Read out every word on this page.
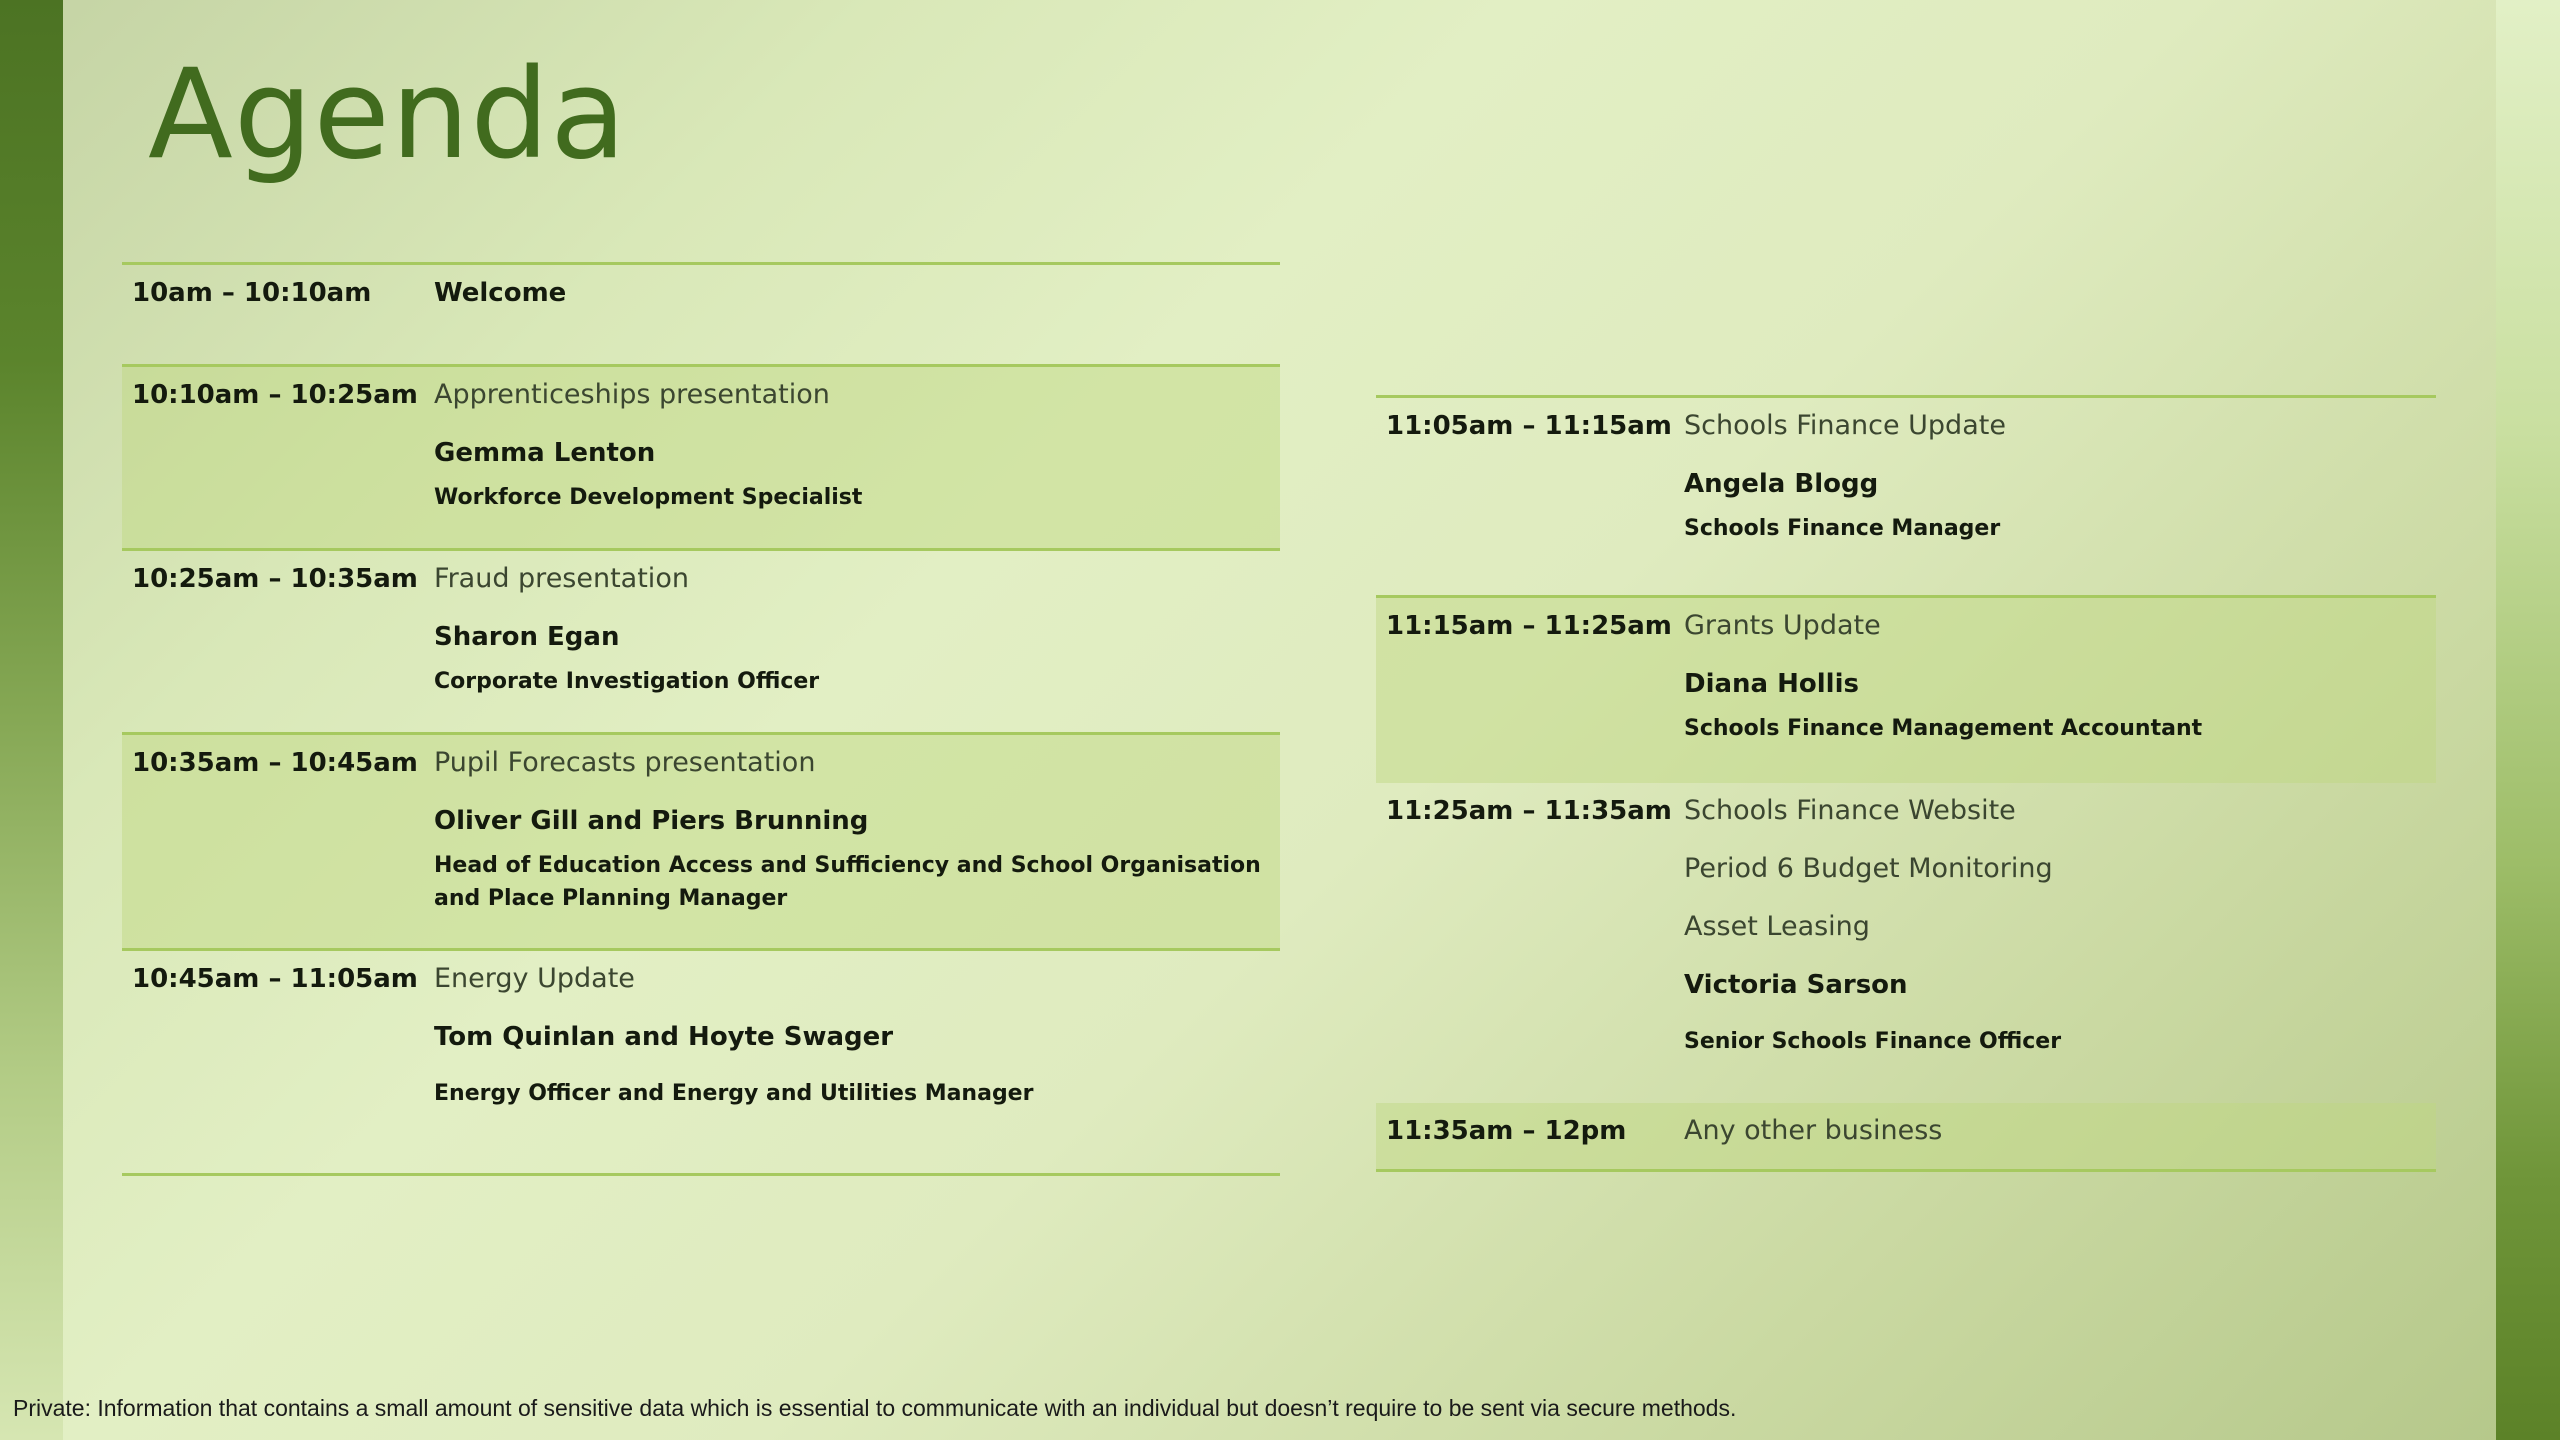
Agenda
10am – 10:10am Welcome
10:10am – 10:25am Apprenticeships presentation
Gemma Lenton
Workforce Development Specialist
10:25am – 10:35am Fraud presentation
Sharon Egan
Corporate Investigation Officer
10:35am – 10:45am Pupil Forecasts presentation
Oliver Gill and Piers Brunning
Head of Education Access and Sufficiency and School Organisation and Place Planning Manager
10:45am – 11:05am Energy Update
Tom Quinlan and Hoyte Swager
Energy Officer and Energy and Utilities Manager
11:05am – 11:15am Schools Finance Update
Angela Blogg
Schools Finance Manager
11:15am – 11:25am Grants Update
Diana Hollis
Schools Finance Management Accountant
11:25am – 11:35am Schools Finance Website
Period 6 Budget Monitoring
Asset Leasing
Victoria Sarson
Senior Schools Finance Officer
11:35am – 12pm Any other business
Private: Information that contains a small amount of sensitive data which is essential to communicate with an individual but doesn’t require to be sent via secure methods.
